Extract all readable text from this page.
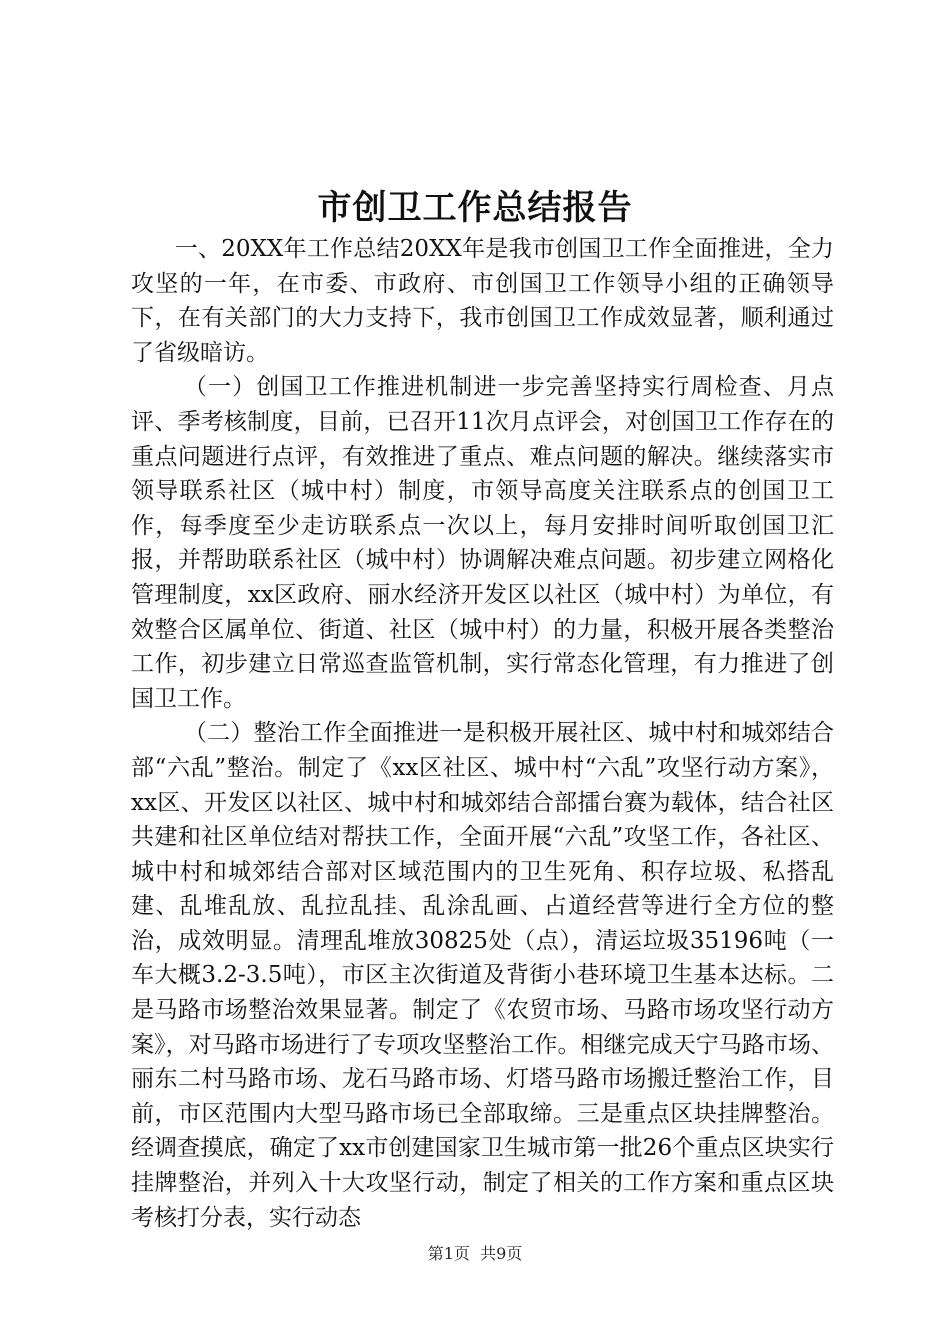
市创卫工作总结报告

一、20XX年工作总结20XX年是我市创国卫工作全面推进，全力攻坚的一年，在市委、市政府、市创国卫工作领导小组的正确领导下，在有关部门的大力支持下，我市创国卫工作成效显著，顺利通过了省级暗访。

（一）创国卫工作推进机制进一步完善坚持实行周检查、月点评、季考核制度，目前，已召开11次月点评会，对创国卫工作存在的重点问题进行点评，有效推进了重点、难点问题的解决。继续落实市领导联系社区（城中村）制度，市领导高度关注联系点的创国卫工作，每季度至少走访联系点一次以上，每月安排时间听取创国卫汇报，并帮助联系社区（城中村）协调解决难点问题。初步建立网格化管理制度，xx区政府、丽水经济开发区以社区（城中村）为单位，有效整合区属单位、街道、社区（城中村）的力量，积极开展各类整治工作，初步建立日常巡查监管机制，实行常态化管理，有力推进了创国卫工作。

（二）整治工作全面推进一是积极开展社区、城中村和城郊结合部“六乱”整治。制定了《xx区社区、城中村“六乱”攻坚行动方案》，xx区、开发区以社区、城中村和城郊结合部擂台赛为载体，结合社区共建和社区单位结对帮扶工作，全面开展“六乱”攻坚工作，各社区、城中村和城郊结合部对区域范围内的卫生死角、积存垃圾、私搭乱建、乱堆乱放、乱拉乱挂、乱涂乱画、占道经营等进行全方位的整治，成效明显。清理乱堆放30825处（点），清运垃圾35196吨（一车大概3.2-3.5吨），市区主次街道及背街小巷环境卫生基本达标。二是马路市场整治效果显著。制定了《农贸市场、马路市场攻坚行动方案》，对马路市场进行了专项攻坚整治工作。相继完成天宁马路市场、丽东二村马路市场、龙石马路市场、灯塔马路市场搬迁整治工作，目前，市区范围内大型马路市场已全部取缔。三是重点区块挂牌整治。经调查摸底，确定了xx市创建国家卫生城市第一批26个重点区块实行挂牌整治，并列入十大攻坚行动，制定了相关的工作方案和重点区块考核打分表，实行动态

第1页  共9页
